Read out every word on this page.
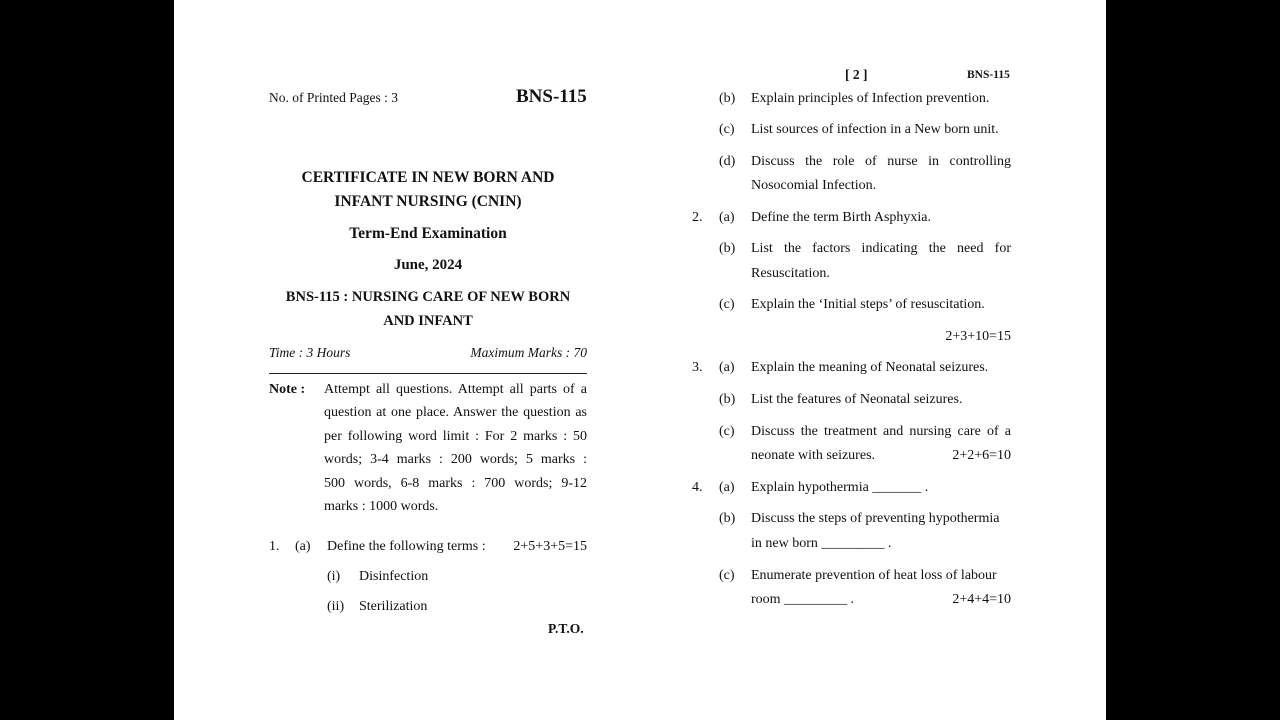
No. of Printed Pages : 3	BNS-115
CERTIFICATE IN NEW BORN AND
INFANT NURSING (CNIN)
Term-End Examination
June, 2024
BNS-115 : NURSING CARE OF NEW BORN
AND INFANT
Time : 3 Hours	Maximum Marks : 70
Note : Attempt all questions. Attempt all parts of a
question at one place. Answer the question as
per following word limit : For 2 marks : 50
words; 3-4 marks : 200 words; 5 marks :
500 words, 6-8 marks : 700 words; 9-12
marks : 1000 words.
1. (a) Define the following terms :	2+5+3+5=15
(i) Disinfection
(ii) Sterilization
P.T.O.
[ 2 ]	BNS-115
(b) Explain principles of Infection prevention.
(c) List sources of infection in a New born unit.
(d) Discuss the role of nurse in controlling
Nosocomial Infection.
2. (a) Define the term Birth Asphyxia.
(b) List the factors indicating the need for
Resuscitation.
(c) Explain the ‘Initial steps’ of resuscitation.
2+3+10=15
3. (a) Explain the meaning of Neonatal seizures.
(b) List the features of Neonatal seizures.
(c) Discuss the treatment and nursing care of a
neonate with seizures.	2+2+6=10
4. (a) Explain hypothermia _______ .
(b) Discuss the steps of preventing hypothermia
in new born _________ .
(c) Enumerate prevention of heat loss of labour
room _________ .	2+4+4=10
